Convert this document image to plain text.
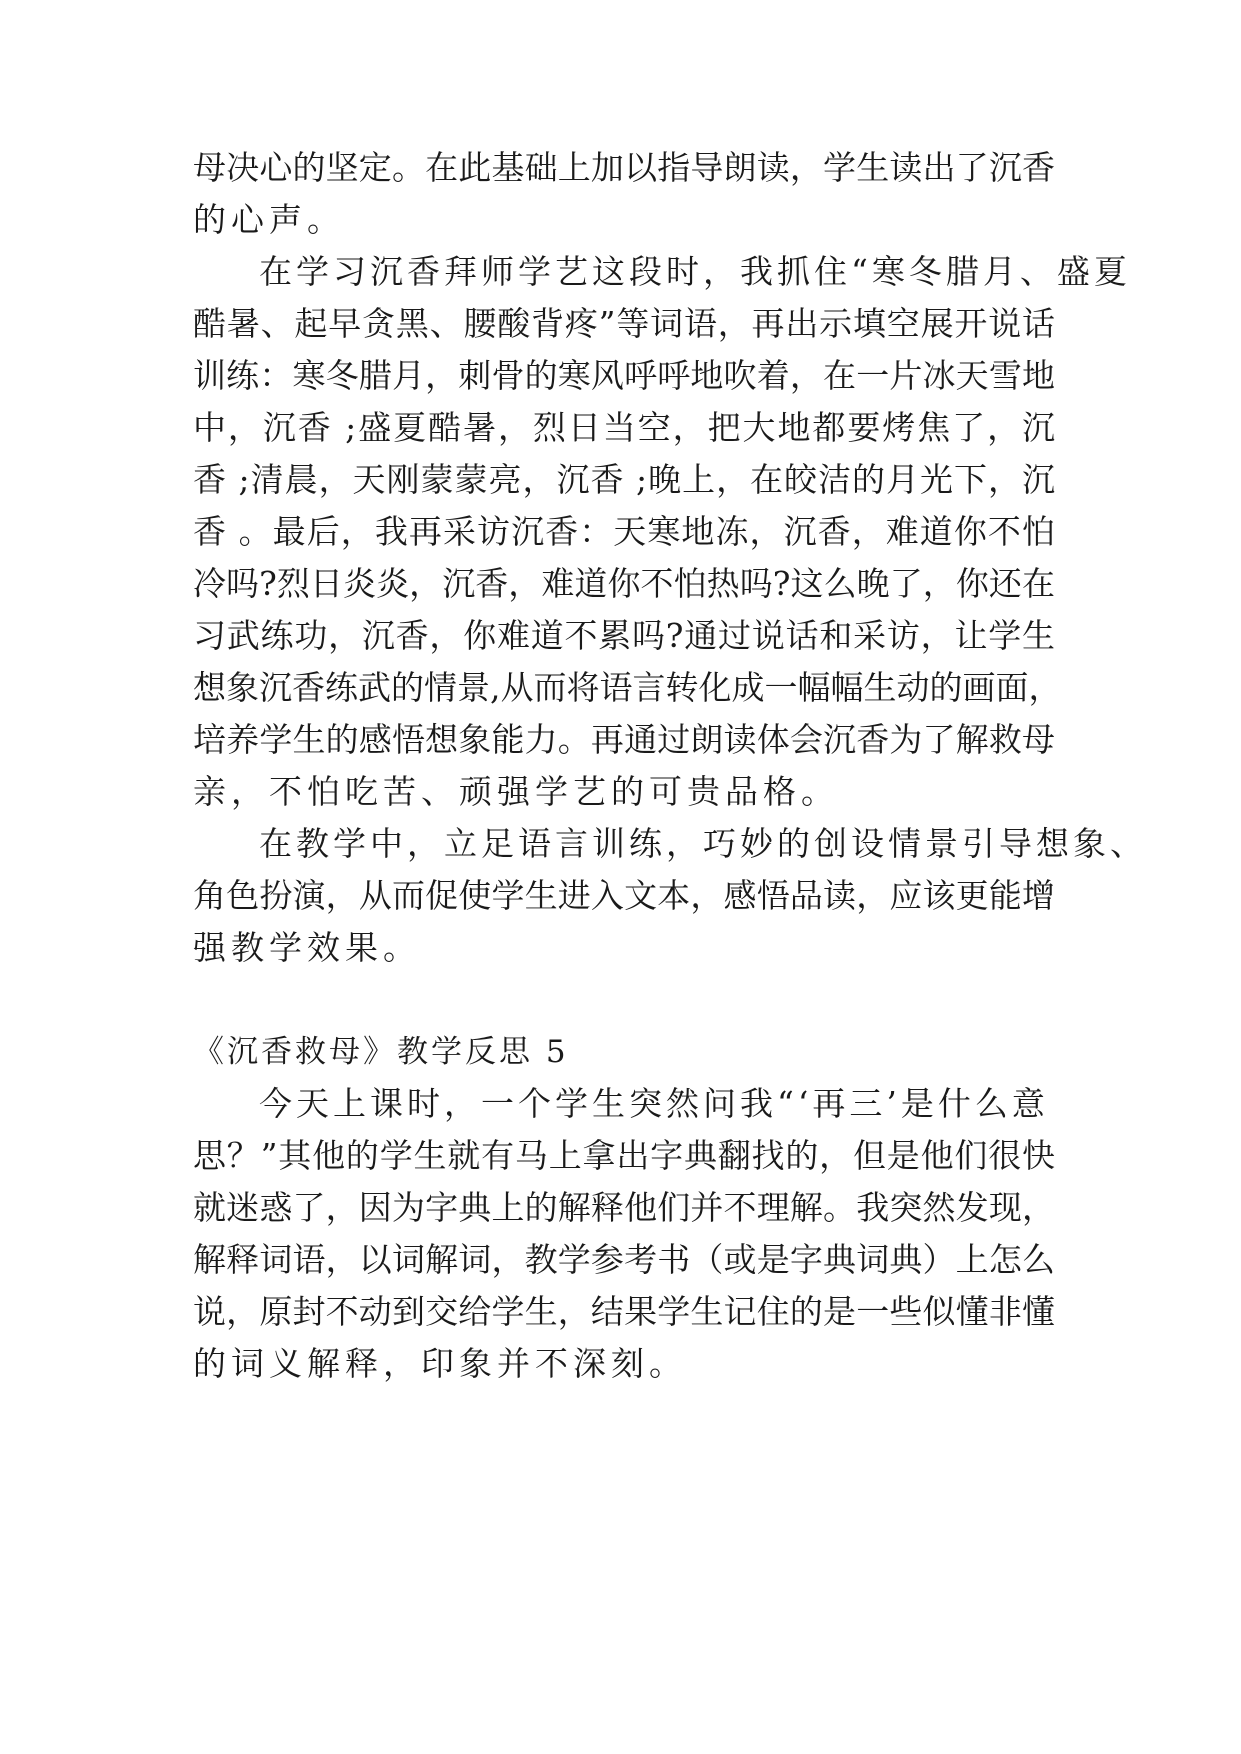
母决心的坚定。在此基础上加以指导朗读，学生读出了沉香
的心声。
在学习沉香拜师学艺这段时，我抓住“寒冬腊月、盛夏
酷暑、起早贪黑、腰酸背疼”等词语，再出示填空展开说话
训练：寒冬腊月，刺骨的寒风呼呼地吹着，在一片冰天雪地
中，沉香 ;盛夏酷暑，烈日当空，把大地都要烤焦了，沉
香 ;清晨，天刚蒙蒙亮，沉香 ;晚上，在皎洁的月光下，沉
香 。最后，我再采访沉香：天寒地冻，沉香，难道你不怕
冷吗?烈日炎炎，沉香，难道你不怕热吗?这么晚了，你还在
习武练功，沉香，你难道不累吗?通过说话和采访，让学生
想象沉香练武的情景,从而将语言转化成一幅幅生动的画面，
培养学生的感悟想象能力。再通过朗读体会沉香为了解救母
亲，不怕吃苦、顽强学艺的可贵品格。
在教学中，立足语言训练，巧妙的创设情景引导想象、
角色扮演，从而促使学生进入文本，感悟品读，应该更能增
强教学效果。
《沉香救母》教学反思 5
今天上课时，一个学生突然问我“‘再三’是什么意
思？”其他的学生就有马上拿出字典翻找的，但是他们很快
就迷惑了，因为字典上的解释他们并不理解。我突然发现，
解释词语，以词解词，教学参考书（或是字典词典）上怎么
说，原封不动到交给学生，结果学生记住的是一些似懂非懂
的词义解释，印象并不深刻。
